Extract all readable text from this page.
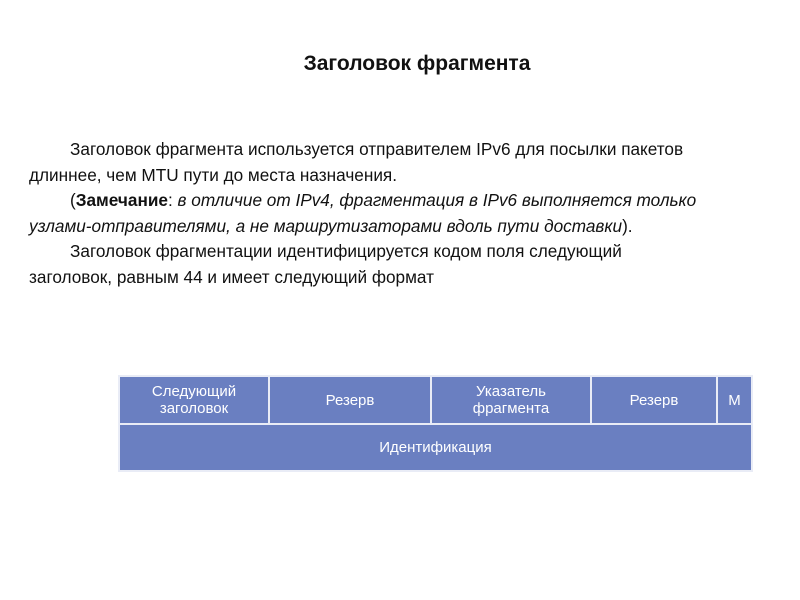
Заголовок фрагмента

Заголовок фрагмента используется отправителем IPv6 для посылки пакетов длиннее, чем MTU пути до места назначения.

(Замечание: в отличие от IPv4, фрагментация в IPv6 выполняется только узлами-отправителями, а не маршрутизаторами вдоль пути доставки).

Заголовок фрагментации идентифицируется кодом поля следующий заголовок, равным 44 и имеет следующий формат

Следующий заголовок	Резерв	Указатель фрагмента	Резерв	M
Идентификация
